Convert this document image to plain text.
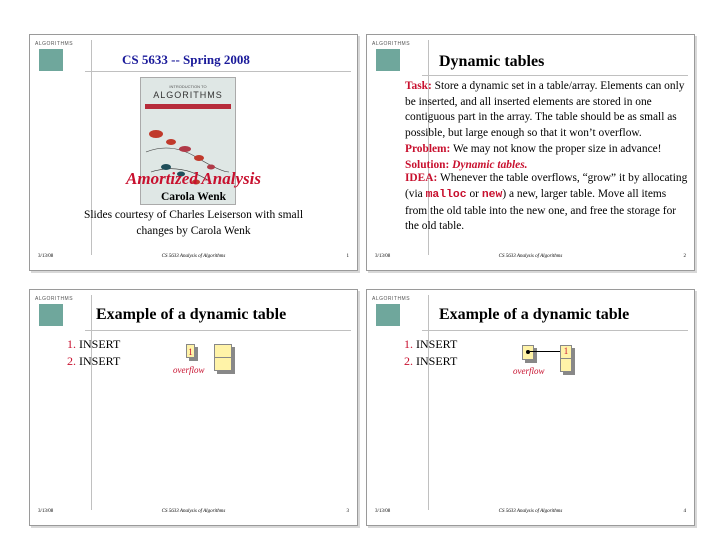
ALGORITHMS
CS 5633 -- Spring 2008
INTRODUCTION TO
ALGORITHMS
Amortized Analysis
Carola Wenk
Slides courtesy of Charles Leiserson with small
changes by Carola Wenk
3/13/08	CS 5633 Analysis of Algorithms	1
ALGORITHMS
Dynamic tables
Task: Store a dynamic set in a table/array. Elements can only be inserted, and all inserted elements are stored in one contiguous part in the array. The table should be as small as possible, but large enough so that it won’t overflow.
Problem: We may not know the proper size in advance!
Solution: Dynamic tables.
IDEA: Whenever the table overflows, “grow” it by allocating (via malloc or new) a new, larger table. Move all items from the old table into the new one, and free the storage for the old table.
3/13/08	CS 5633 Analysis of Algorithms	2
ALGORITHMS
Example of a dynamic table
1. INSERT
2. INSERT
1
overflow
3/13/08	CS 5633 Analysis of Algorithms	3
ALGORITHMS
Example of a dynamic table
1. INSERT
2. INSERT
1
overflow
3/13/08	CS 5633 Analysis of Algorithms	4
